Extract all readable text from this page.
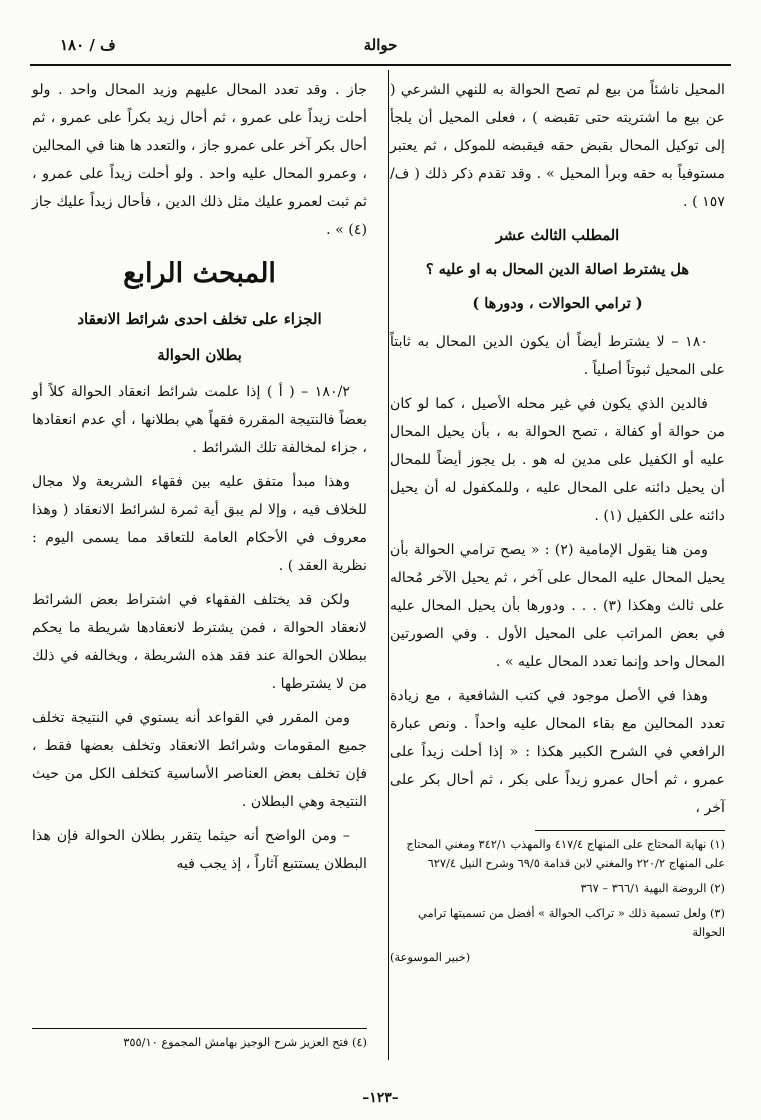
حوالة
ف / ١٨٠

المحيل ناشئاً من بيع لم تصح الحوالة به للنهي الشرعي ( عن بيع ما اشتريته حتى تقبضه ) ، فعلى المحيل أن يلجأ إلى توكيل المحال بقبض حقه فيقبضه للموكل ، ثم يعتبر مستوفياً به حقه وبرأ المحيل » . وقد تقدم ذكر ذلك ( ف/ ١٥٧ ) .

المطلب الثالث عشر

هل يشترط اصالة الدين المحال به او عليه ؟

( ترامي الحوالات ، ودورها )

١٨٠ – لا يشترط أيضاً أن يكون الدين المحال به ثابتاً على المحيل ثبوتاً أصلياً .

فالدين الذي يكون في غير محله الأصيل ، كما لو كان من حوالة أو كفالة ، تصح الحوالة به ، بأن يحيل المحال عليه أو الكفيل على مدين له هو . بل يجوز أيضاً للمحال أن يحيل دائنه على المحال عليه ، وللمكفول له أن يحيل دائنه على الكفيل (١) .

ومن هنا يقول الإمامية (٢) : « يصح ترامي الحوالة بأن يحيل المحال عليه المحال على آخر ، ثم يحيل الآخر مُحاله على ثالث وهكذا (٣) . . . ودورها بأن يحيل المحال عليه في بعض المراتب على المحيل الأول . وفي الصورتين المحال واحد وإنما تعدد المحال عليه » .

وهذا في الأصل موجود في كتب الشافعية ، مع زيادة تعدد المحالين مع بقاء المحال عليه واحداً . ونص عبارة الرافعي في الشرح الكبير هكذا : « إذا أحلت زيداً على عمرو ، ثم أحال عمرو زيداً على بكر ، ثم أحال بكر على آخر ،

(١) نهاية المحتاج على المنهاج ٤١٧/٤ والمهذب ٣٤٢/١ ومغني المحتاج على المنهاج ٢٢٠/٢ والمغني لابن قدامة ٦٩/٥ وشرح النيل ٦٢٧/٤

(٢) الروضة البهية ٣٦٦/١ – ٣٦٧

(٣) ولعل تسمية ذلك « تراكب الحوالة » أفضل من تسميتها ترامي الحوالة

(خبير الموسوعة)

جاز . وقد تعدد المحال عليهم وزيد المحال واحد . ولو أحلت زيداً على عمرو ، ثم أحال زيد بكراً على عمرو ، ثم أحال بكر آخر على عمرو جاز ، والتعدد ها هنا في المحالين ، وعمرو المحال عليه واحد . ولو أحلت زيداً على عمرو ، ثم ثبت لعمرو عليك مثل ذلك الدين ، فأحال زيداً عليك جاز (٤) » .

المبحث الرابع

الجزاء على تخلف احدى شرائط الانعقاد

بطلان الحوالة

١٨٠/٢ – ( أ ) إذا علمت شرائط انعقاد الحوالة كلاً أو بعضاً فالنتيجة المقررة فقهاً هي بطلانها ، أي عدم انعقادها ، جزاء لمخالفة تلك الشرائط .

وهذا مبدأ متفق عليه بين فقهاء الشريعة ولا مجال للخلاف فيه ، وإلا لم يبق أية ثمرة لشرائط الانعقاد ( وهذا معروف في الأحكام العامة للتعاقد مما يسمى اليوم : نظرية العقد ) .

ولكن قد يختلف الفقهاء في اشتراط بعض الشرائط لانعقاد الحوالة ، فمن يشترط لانعقادها شريطة ما يحكم ببطلان الحوالة عند فقد هذه الشريطة ، ويخالفه في ذلك من لا يشترطها .

ومن المقرر في القواعد أنه يستوي في النتيجة تخلف جميع المقومات وشرائط الانعقاد وتخلف بعضها فقط ، فإن تخلف بعض العناصر الأساسية كتخلف الكل من حيث النتيجة وهي البطلان .

– ومن الواضح أنه حيثما يتقرر بطلان الحوالة فإن هذا البطلان يستتبع آثاراً ، إذ يجب فيه

(٤) فتح العزيز شرح الوجيز بهامش المجموع ٣٥٥/١٠
–١٢٣–
